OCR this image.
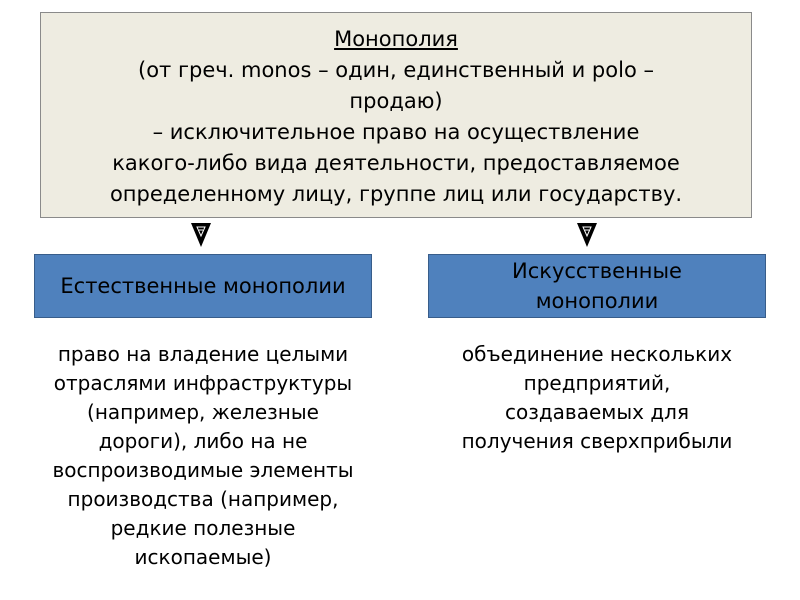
Монополия
(от греч. monos – один, единственный и polo –
продаю)
– исключительное право на осуществление
какого-либо вида деятельности, предоставляемое
определенному лицу, группе лиц или государству.
Естественные монополии
Искусственные
монополии
право на владение целыми
отраслями инфраструктуры
(например, железные
дороги), либо на не
воспроизводимые элементы
производства (например,
редкие полезные
ископаемые)
объединение нескольких
предприятий,
создаваемых для
получения сверхприбыли
